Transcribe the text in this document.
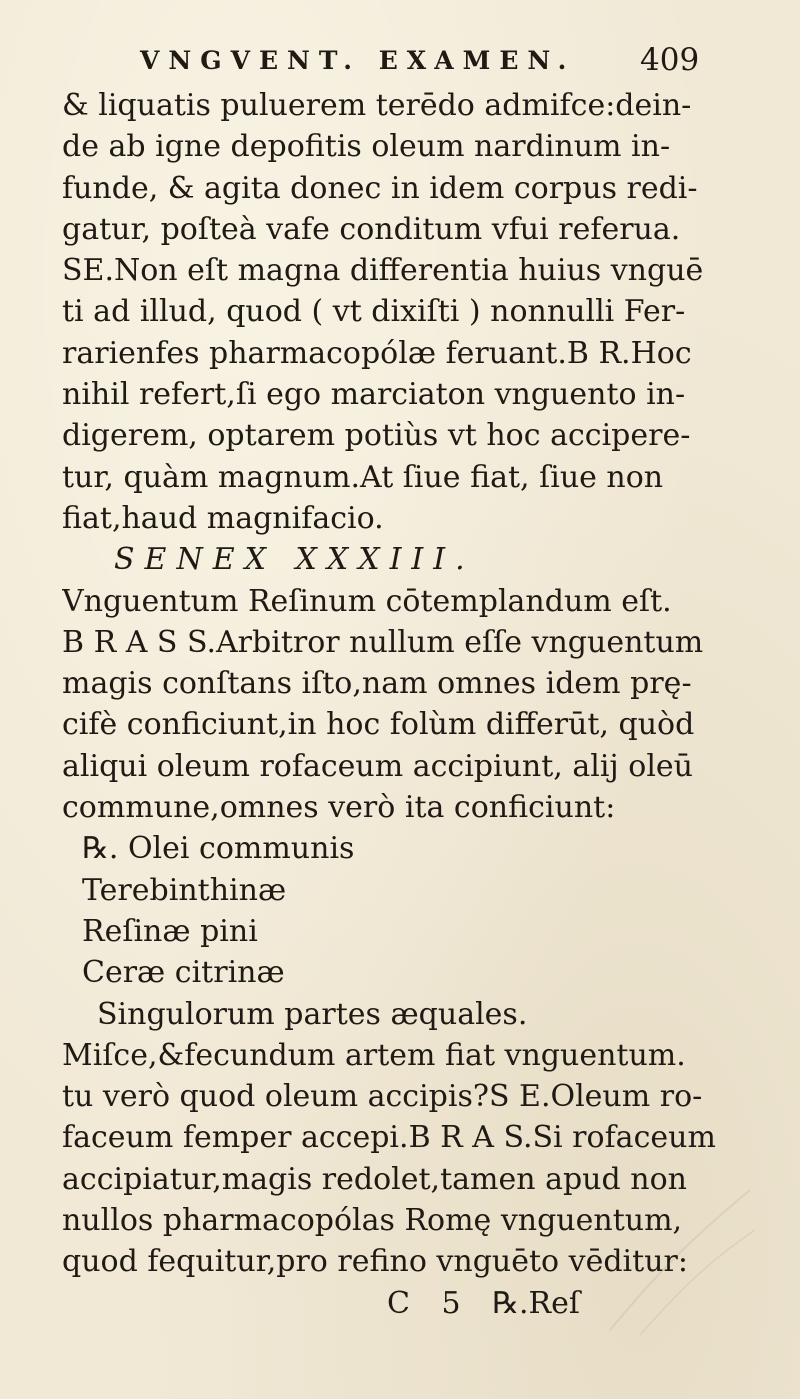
VNGVENT. EXAMEN. 409
& liquatis puluerem terēdo admifce:dein-
de ab igne depofitis oleum nardinum in-
funde, & agita donec in idem corpus redi-
gatur, poſteà vafe conditum vfui referua.
SE.Non eſt magna differentia huius vnguē
ti ad illud, quod ( vt dixiſti ) nonnulli Fer-
rarienfes pharmacopólæ feruant.B R.Hoc
nihil refert,ſi ego marciaton vnguento in-
digerem, optarem potiùs vt hoc accipere-
tur, quàm magnum.At ſiue fiat, ſiue non
fiat,haud magnifacio.
SENEX XXXIII.
Vnguentum Reſinum cōtemplandum eſt.
B R A S S.Arbitror nullum eſſe vnguentum
magis conſtans iſto,nam omnes idem prę-
cifè conficiunt,in hoc folùm differūt, quòd
aliqui oleum rofaceum accipiunt, alij oleū
commune,omnes verò ita conficiunt:
℞. Olei communis
Terebinthinæ
Reſinæ pini
Ceræ citrinæ
Singulorum partes æquales.
Miſce,&fecundum artem fiat vnguentum.
tu verò quod oleum accipis?S E.Oleum ro-
faceum femper accepi.B R A S.Si rofaceum
accipiatur,magis redolet,tamen apud non
nullos pharmacopólas Romę vnguentum,
quod fequitur,pro refino vnguēto vēditur:
C 5 ℞.Reſ
